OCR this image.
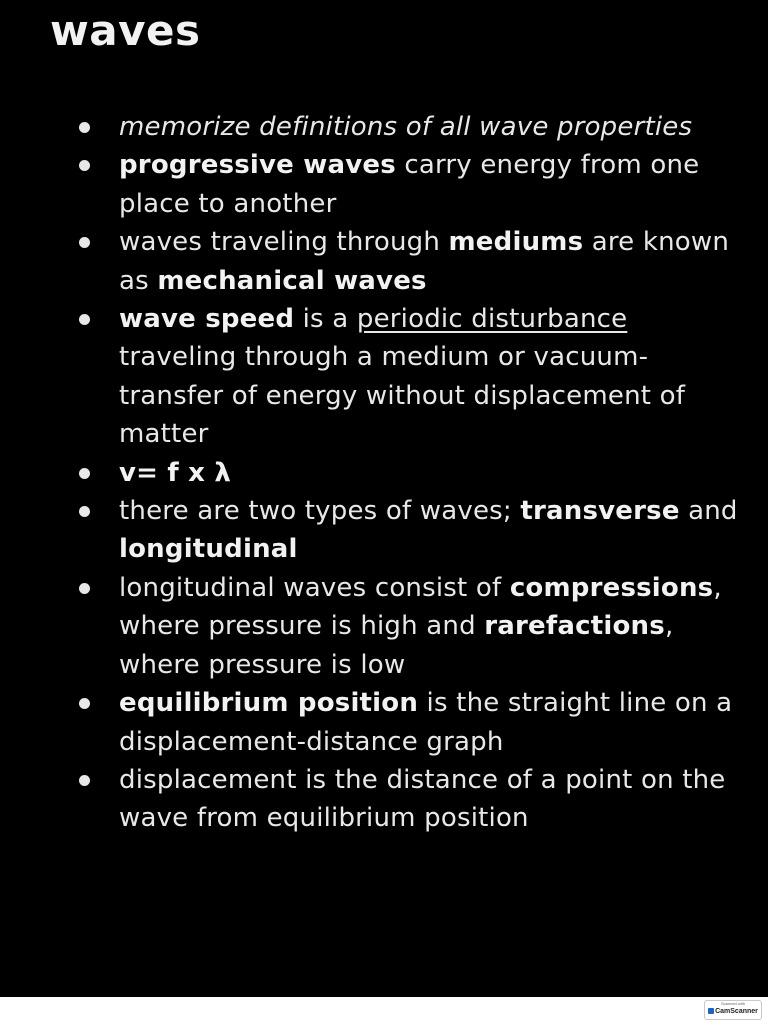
waves
memorize definitions of all wave properties
progressive waves carry energy from one place to another
waves traveling through mediums are known as mechanical waves
wave speed is a periodic disturbance traveling through a medium or vacuum- transfer of energy without displacement of matter
v= f x λ
there are two types of waves; transverse and longitudinal
longitudinal waves consist of compressions, where pressure is high and rarefactions, where pressure is low
equilibrium position is the straight line on a displacement-distance graph
displacement is the distance of a point on the wave from equilibrium position
Scanned with
CamScanner
